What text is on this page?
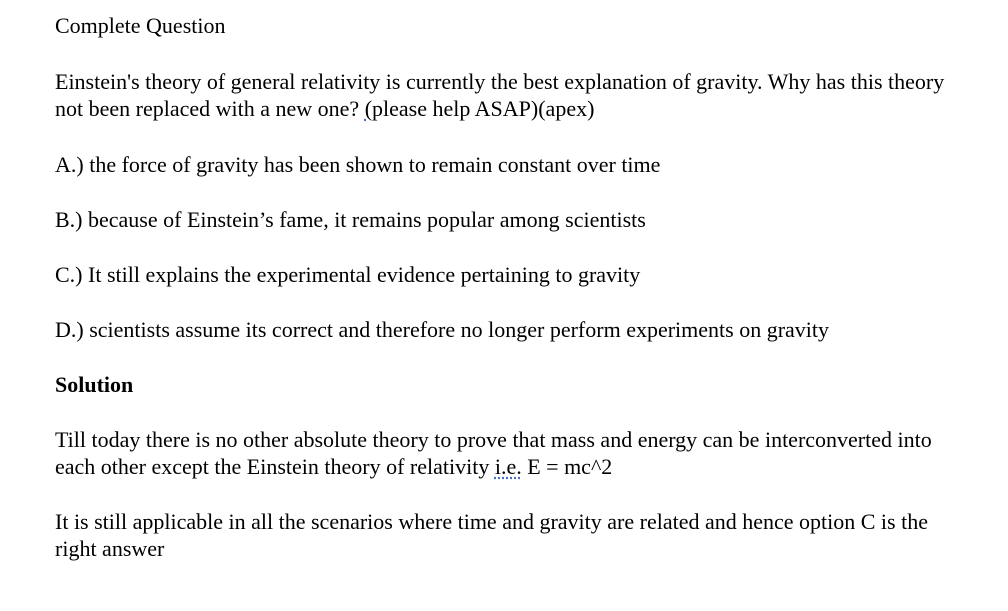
Complete Question

Einstein's theory of general relativity is currently the best explanation of gravity. Why has this theory not been replaced with a new one? (please help ASAP)(apex)

A.) the force of gravity has been shown to remain constant over time

B.) because of Einstein’s fame, it remains popular among scientists

C.) It still explains the experimental evidence pertaining to gravity

D.) scientists assume its correct and therefore no longer perform experiments on gravity

Solution

Till today there is no other absolute theory to prove that mass and energy can be interconverted into each other except the Einstein theory of relativity i.e. E = mc^2

It is still applicable in all the scenarios where time and gravity are related and hence option C is the right answer
